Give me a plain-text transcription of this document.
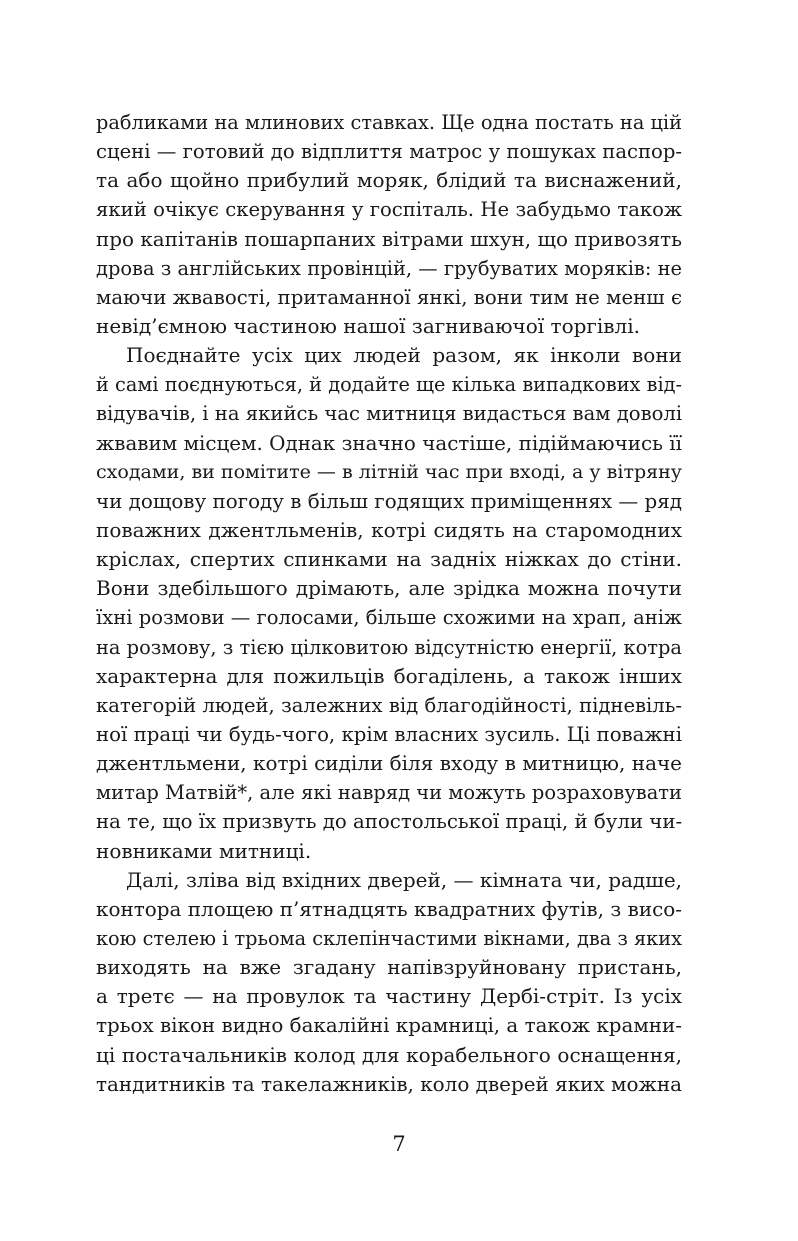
рабликами на млинових ставках. Ще одна постать на цій
сцені — готовий до відплиття матрос у пошуках паспор-
та або щойно прибулий моряк, блідий та виснажений,
який очікує скерування у госпіталь. Не забудьмо також
про капітанів пошарпаних вітрами шхун, що привозять
дрова з англійських провінцій, — грубуватих моряків: не
маючи жвавості, притаманної янкі, вони тим не менш є
невід’ємною частиною нашої загниваючої торгівлі.
Поєднайте усіх цих людей разом, як інколи вони
й самі поєднуються, й додайте ще кілька випадкових від-
відувачів, і на якийсь час митниця видасться вам доволі
жвавим місцем. Однак значно частіше, підіймаючись її
сходами, ви помітите — в літній час при вході, а у вітряну
чи дощову погоду в більш годящих приміщеннях — ряд
поважних джентльменів, котрі сидять на старомодних
кріслах, спертих спинками на задніх ніжках до стіни.
Вони здебільшого дрімають, але зрідка можна почути
їхні розмови — голосами, більше схожими на храп, аніж
на розмову, з тією цілковитою відсутністю енергії, котра
характерна для пожильців богаділень, а також інших
категорій людей, залежних від благодійності, підневіль-
ної праці чи будь-чого, крім власних зусиль. Ці поважні
джентльмени, котрі сиділи біля входу в митницю, наче
митар Матвій*, але які навряд чи можуть розраховувати
на те, що їх призвуть до апостольської праці, й були чи-
новниками митниці.
Далі, зліва від вхідних дверей, — кімната чи, радше,
контора площею п’ятнадцять квадратних футів, з висо-
кою стелею і трьома склепінчастими вікнами, два з яких
виходять на вже згадану напівзруйновану пристань,
а третє — на провулок та частину Дербі-стріт. Із усіх
трьох вікон видно бакалійні крамниці, а також крамни-
ці постачальників колод для корабельного оснащення,
тандитників та такелажників, коло дверей яких можна
7
